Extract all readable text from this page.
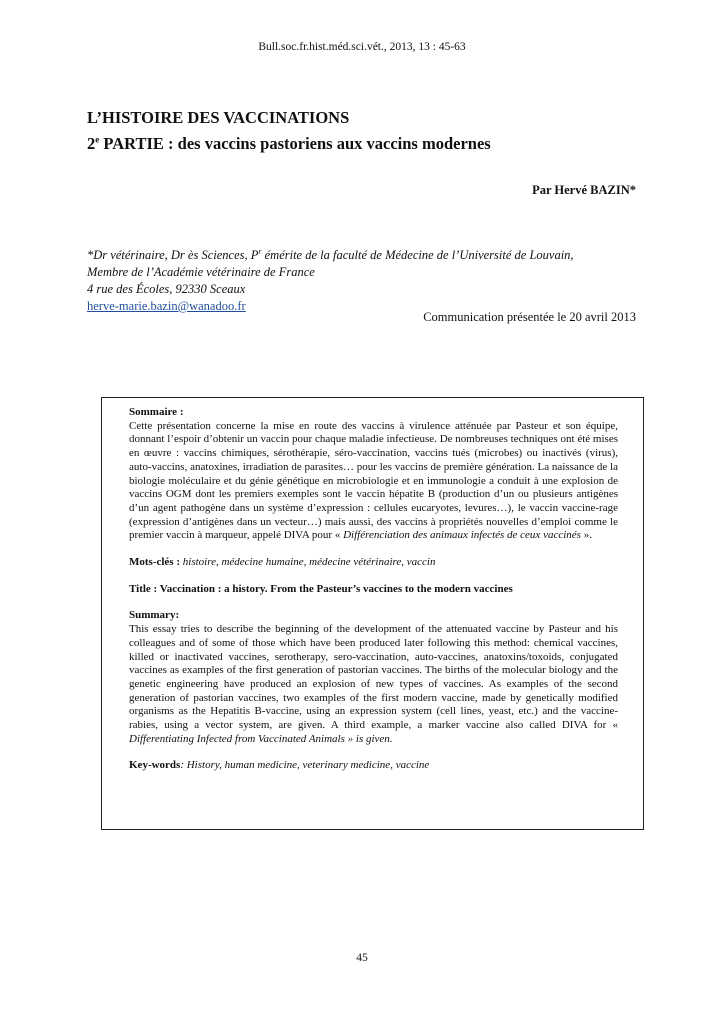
Bull.soc.fr.hist.méd.sci.vét., 2013, 13 : 45-63
L’HISTOIRE DES VACCINATIONS
2e PARTIE : des vaccins pastoriens aux vaccins modernes
Par Hervé BAZIN*
*Dr vétérinaire, Dr ès Sciences, $P^r$ émérite de la faculté de Médecine de l’Université de Louvain,
Membre de l’Académie vétérinaire de France
4 rue des Écoles, 92330 Sceaux
herve-marie.bazin@wanadoo.fr
Communication présentée le 20 avril 2013

Sommaire :
Cette présentation concerne la mise en route des vaccins à virulence atténuée par Pasteur et son équipe, donnant l’espoir d’obtenir un vaccin pour chaque maladie infectieuse. De nombreuses techniques ont été mises en œuvre : vaccins chimiques, sérothérapie, séro-vaccination, vaccins tués (microbes) ou inactivés (virus), auto-vaccins, anatoxines, irradiation de parasites… pour les vaccins de première génération. La naissance de la biologie moléculaire et du génie génétique en microbiologie et en immunologie a conduit à une explosion de vaccins OGM dont les premiers exemples sont le vaccin hépatite B (production d’un ou plusieurs antigènes d’un agent pathogène dans un système d’expression : cellules eucaryotes, levures…), le vaccin vaccine-rage (expression d’antigènes dans un vecteur…) mais aussi, des vaccins à propriétés nouvelles d’emploi comme le premier vaccin à marqueur, appelé DIVA pour « Différenciation des animaux infectés de ceux vaccinés ».

Mots-clés : histoire, médecine humaine, médecine vétérinaire, vaccin

Title : Vaccination : a history. From the Pasteur’s vaccines to the modern vaccines

Summary:
This essay tries to describe the beginning of the development of the attenuated vaccine by Pasteur and his colleagues and of some of those which have been produced later following this method: chemical vaccines, killed or inactivated vaccines, serotherapy, sero-vaccination, auto-vaccines, anatoxins/toxoids, conjugated vaccines as examples of the first generation of pastorian vaccines. The births of the molecular biology and the genetic engineering have produced an explosion of new types of vaccines. As examples of the second generation of pastorian vaccines, two examples of the first modern vaccine, made by genetically modified organisms as the Hepatitis B-vaccine, using an expression system (cell lines, yeast, etc.) and the vaccine-rabies, using a vector system, are given. A third example, a marker vaccine also called DIVA for « Differentiating Infected from Vaccinated Animals » is given.

Key-words: History, human medicine, veterinary medicine, vaccine

45
